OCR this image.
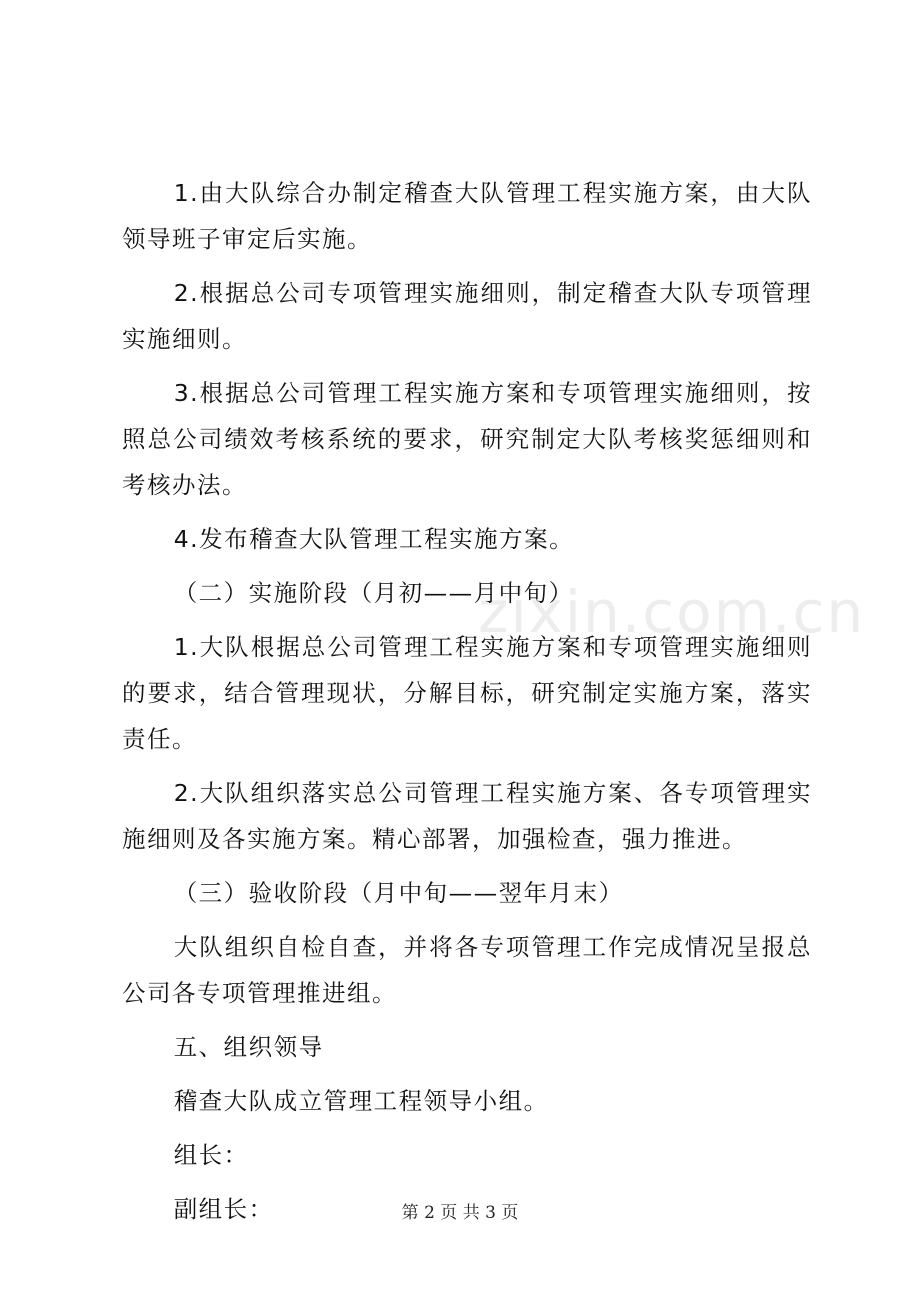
zixin.com.cn

1.由大队综合办制定稽查大队管理工程实施方案，由大队领导班子审定后实施。

2.根据总公司专项管理实施细则，制定稽查大队专项管理实施细则。

3.根据总公司管理工程实施方案和专项管理实施细则，按照总公司绩效考核系统的要求，研究制定大队考核奖惩细则和考核办法。

4.发布稽查大队管理工程实施方案。

（二）实施阶段（月初——月中旬）

1.大队根据总公司管理工程实施方案和专项管理实施细则的要求，结合管理现状，分解目标，研究制定实施方案，落实责任。

2.大队组织落实总公司管理工程实施方案、各专项管理实施细则及各实施方案。精心部署，加强检查，强力推进。

（三）验收阶段（月中旬——翌年月末）

大队组织自检自查，并将各专项管理工作完成情况呈报总公司各专项管理推进组。

五、组织领导

稽查大队成立管理工程领导小组。

组长：

副组长：	第 2 页 共 3 页
